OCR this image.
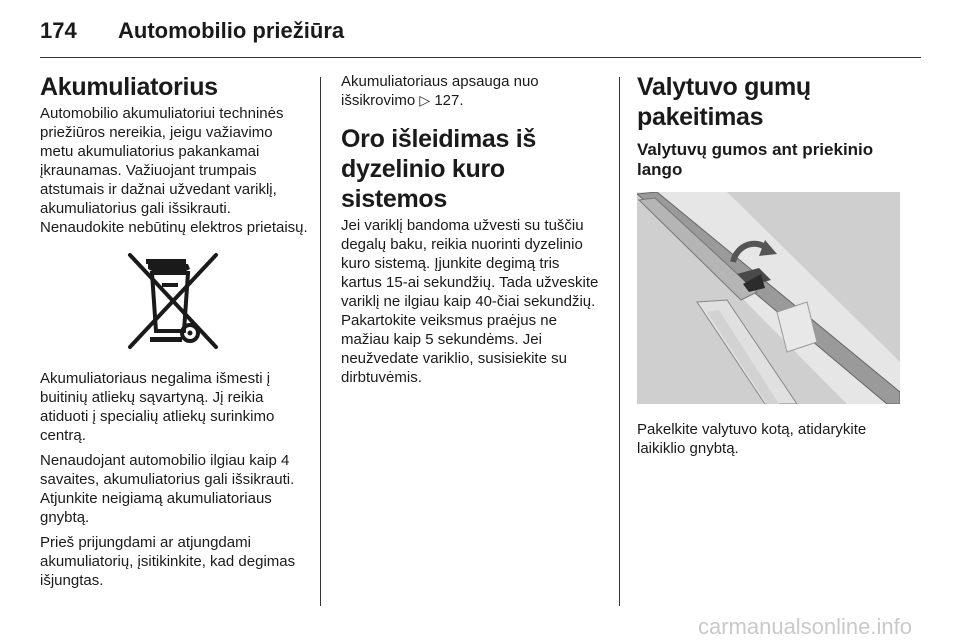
174	Automobilio priežiūra
Akumuliatorius

Automobilio akumuliatoriui techninės priežiūros nereikia, jeigu važiavimo metu akumuliatorius pakankamai įkraunamas. Važiuojant trumpais atstumais ir dažnai užvedant variklį, akumuliatorius gali išsikrauti. Nenaudokite nebūtinų elektros prietaisų.

Akumuliatoriaus negalima išmesti į buitinių atliekų sąvartyną. Jį reikia atiduoti į specialių atliekų surinkimo centrą.

Nenaudojant automobilio ilgiau kaip 4 savaites, akumuliatorius gali išsikrauti. Atjunkite neigiamą akumuliatoriaus gnybtą.

Prieš prijungdami ar atjungdami akumuliatorių, įsitikinkite, kad degimas išjungtas.

Akumuliatoriaus apsauga nuo išsikrovimo ▷ 127.

Oro išleidimas iš dyzelinio kuro sistemos

Jei variklį bandoma užvesti su tuščiu degalų baku, reikia nuorinti dyzelinio kuro sistemą. Įjunkite degimą tris kartus 15-ai sekundžių. Tada užveskite variklį ne ilgiau kaip 40-čiai sekundžių. Pakartokite veiksmus praėjus ne mažiau kaip 5 sekundėms. Jei neužvedate variklio, susisiekite su dirbtuvėmis.

Valytuvo gumų pakeitimas
Valytuvų gumos ant priekinio lango

Pakelkite valytuvo kotą, atidarykite laikiklio gnybtą.

carmanualsonline.info
